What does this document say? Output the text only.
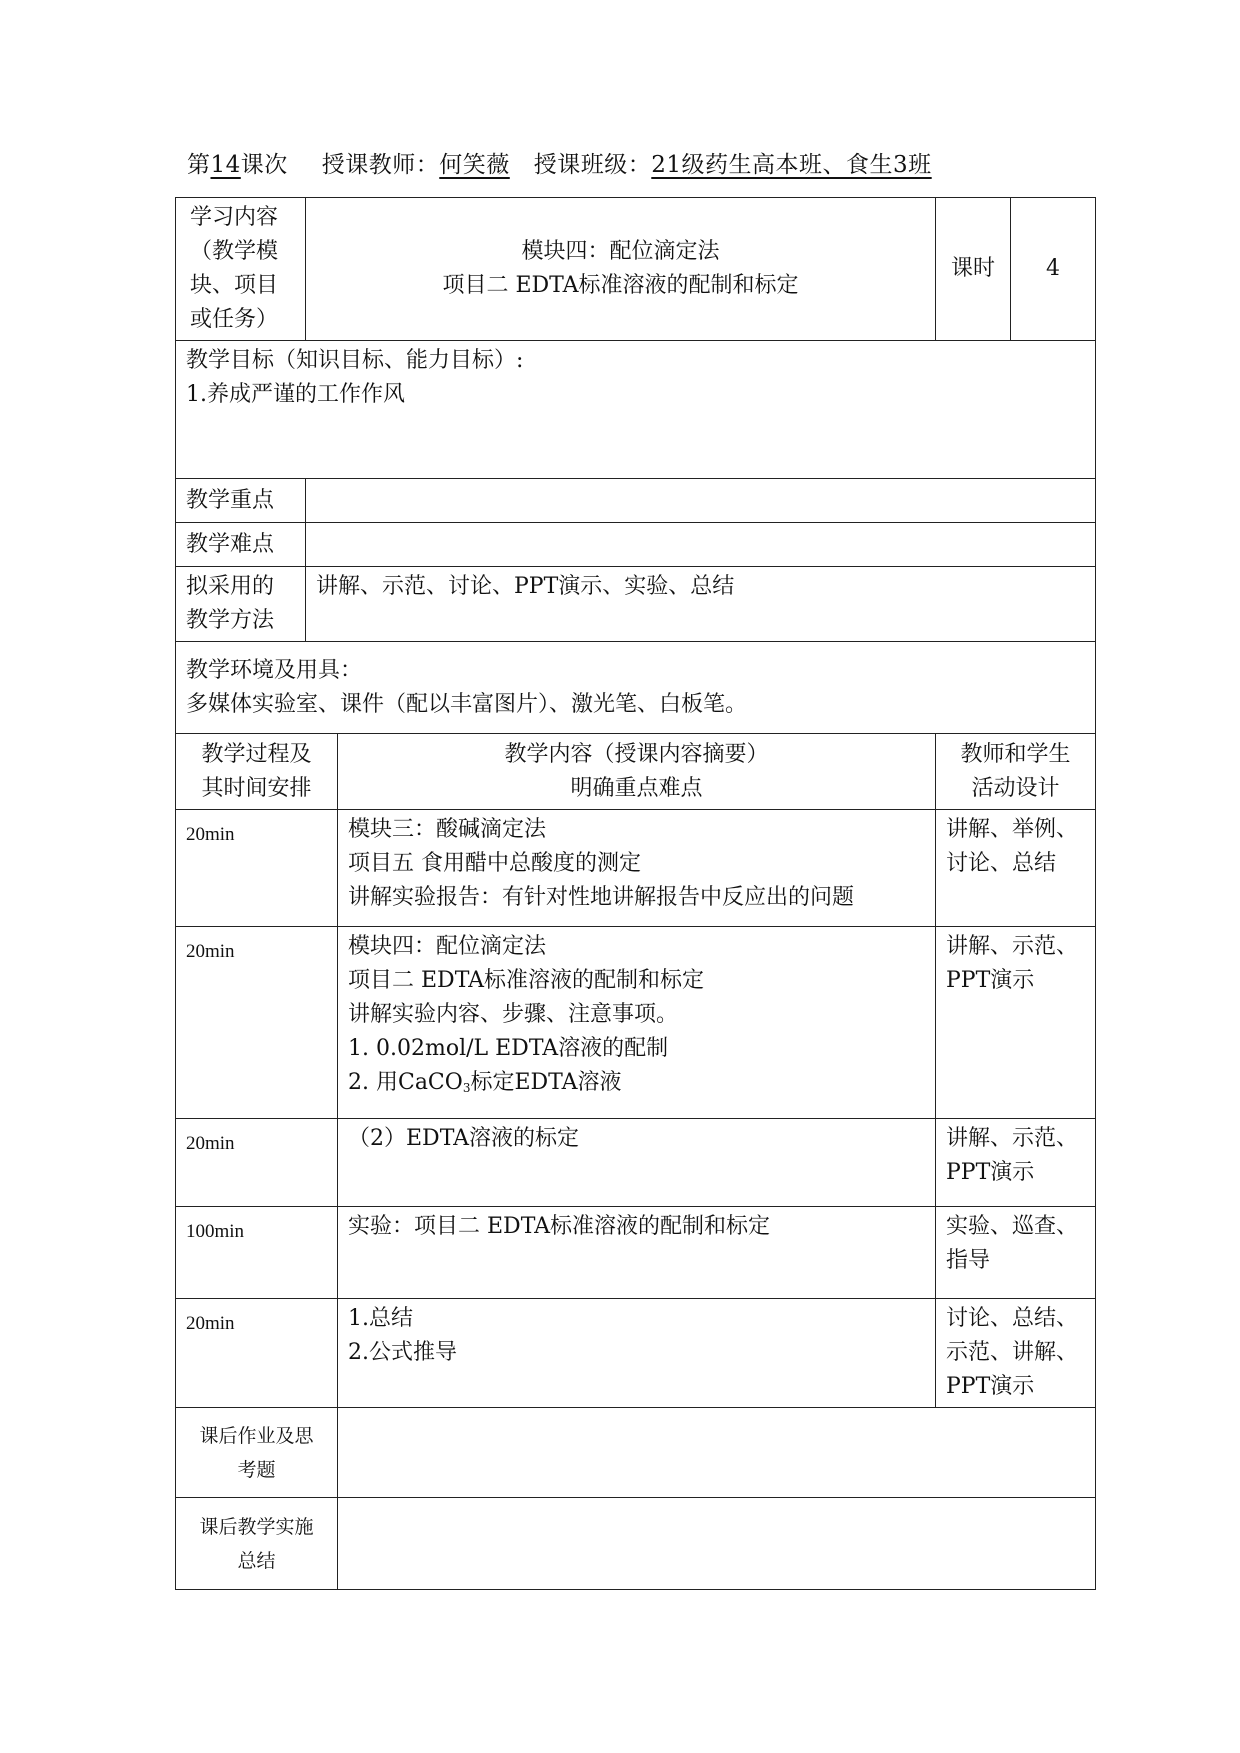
第14课次 授课教师：何笑薇 授课班级：21级药生高本班、食生3班
学习内容
（教学模
块、项目
或任务）	模块四：配位滴定法
项目二 EDTA标准溶液的配制和标定		课时	4

教学目标（知识目标、能力目标）:
1.养成严谨的工作作风				

教学重点				
教学难点				

拟采用的
教学方法	讲解、示范、讨论、PPT演示、实验、总结			

教学环境及用具：
多媒体实验室、课件（配以丰富图片）、激光笔、白板笔。				

教学过程及
其时间安排		教学内容（授课内容摘要）
明确重点难点	教师和学生
活动设计	

20min		模块三：酸碱滴定法
项目五 食用醋中总酸度的测定
讲解实验报告：有针对性地讲解报告中反应出的问题	讲解、举例、
讨论、总结	

20min		模块四：配位滴定法
项目二 EDTA标准溶液的配制和标定
讲解实验内容、步骤、注意事项。
1. 0.02mol/L EDTA溶液的配制
2. 用CaCO$_3$标定EDTA溶液	讲解、示范、
PPT演示	

20min		（2）EDTA溶液的标定	讲解、示范、
PPT演示	

100min		实验：项目二 EDTA标准溶液的配制和标定	实验、巡查、
指导	

20min		1.总结
2.公式推导	讨论、总结、
示范、讲解、
PPT演示	

课后作业及思
考题				

课后教学实施
总结				
